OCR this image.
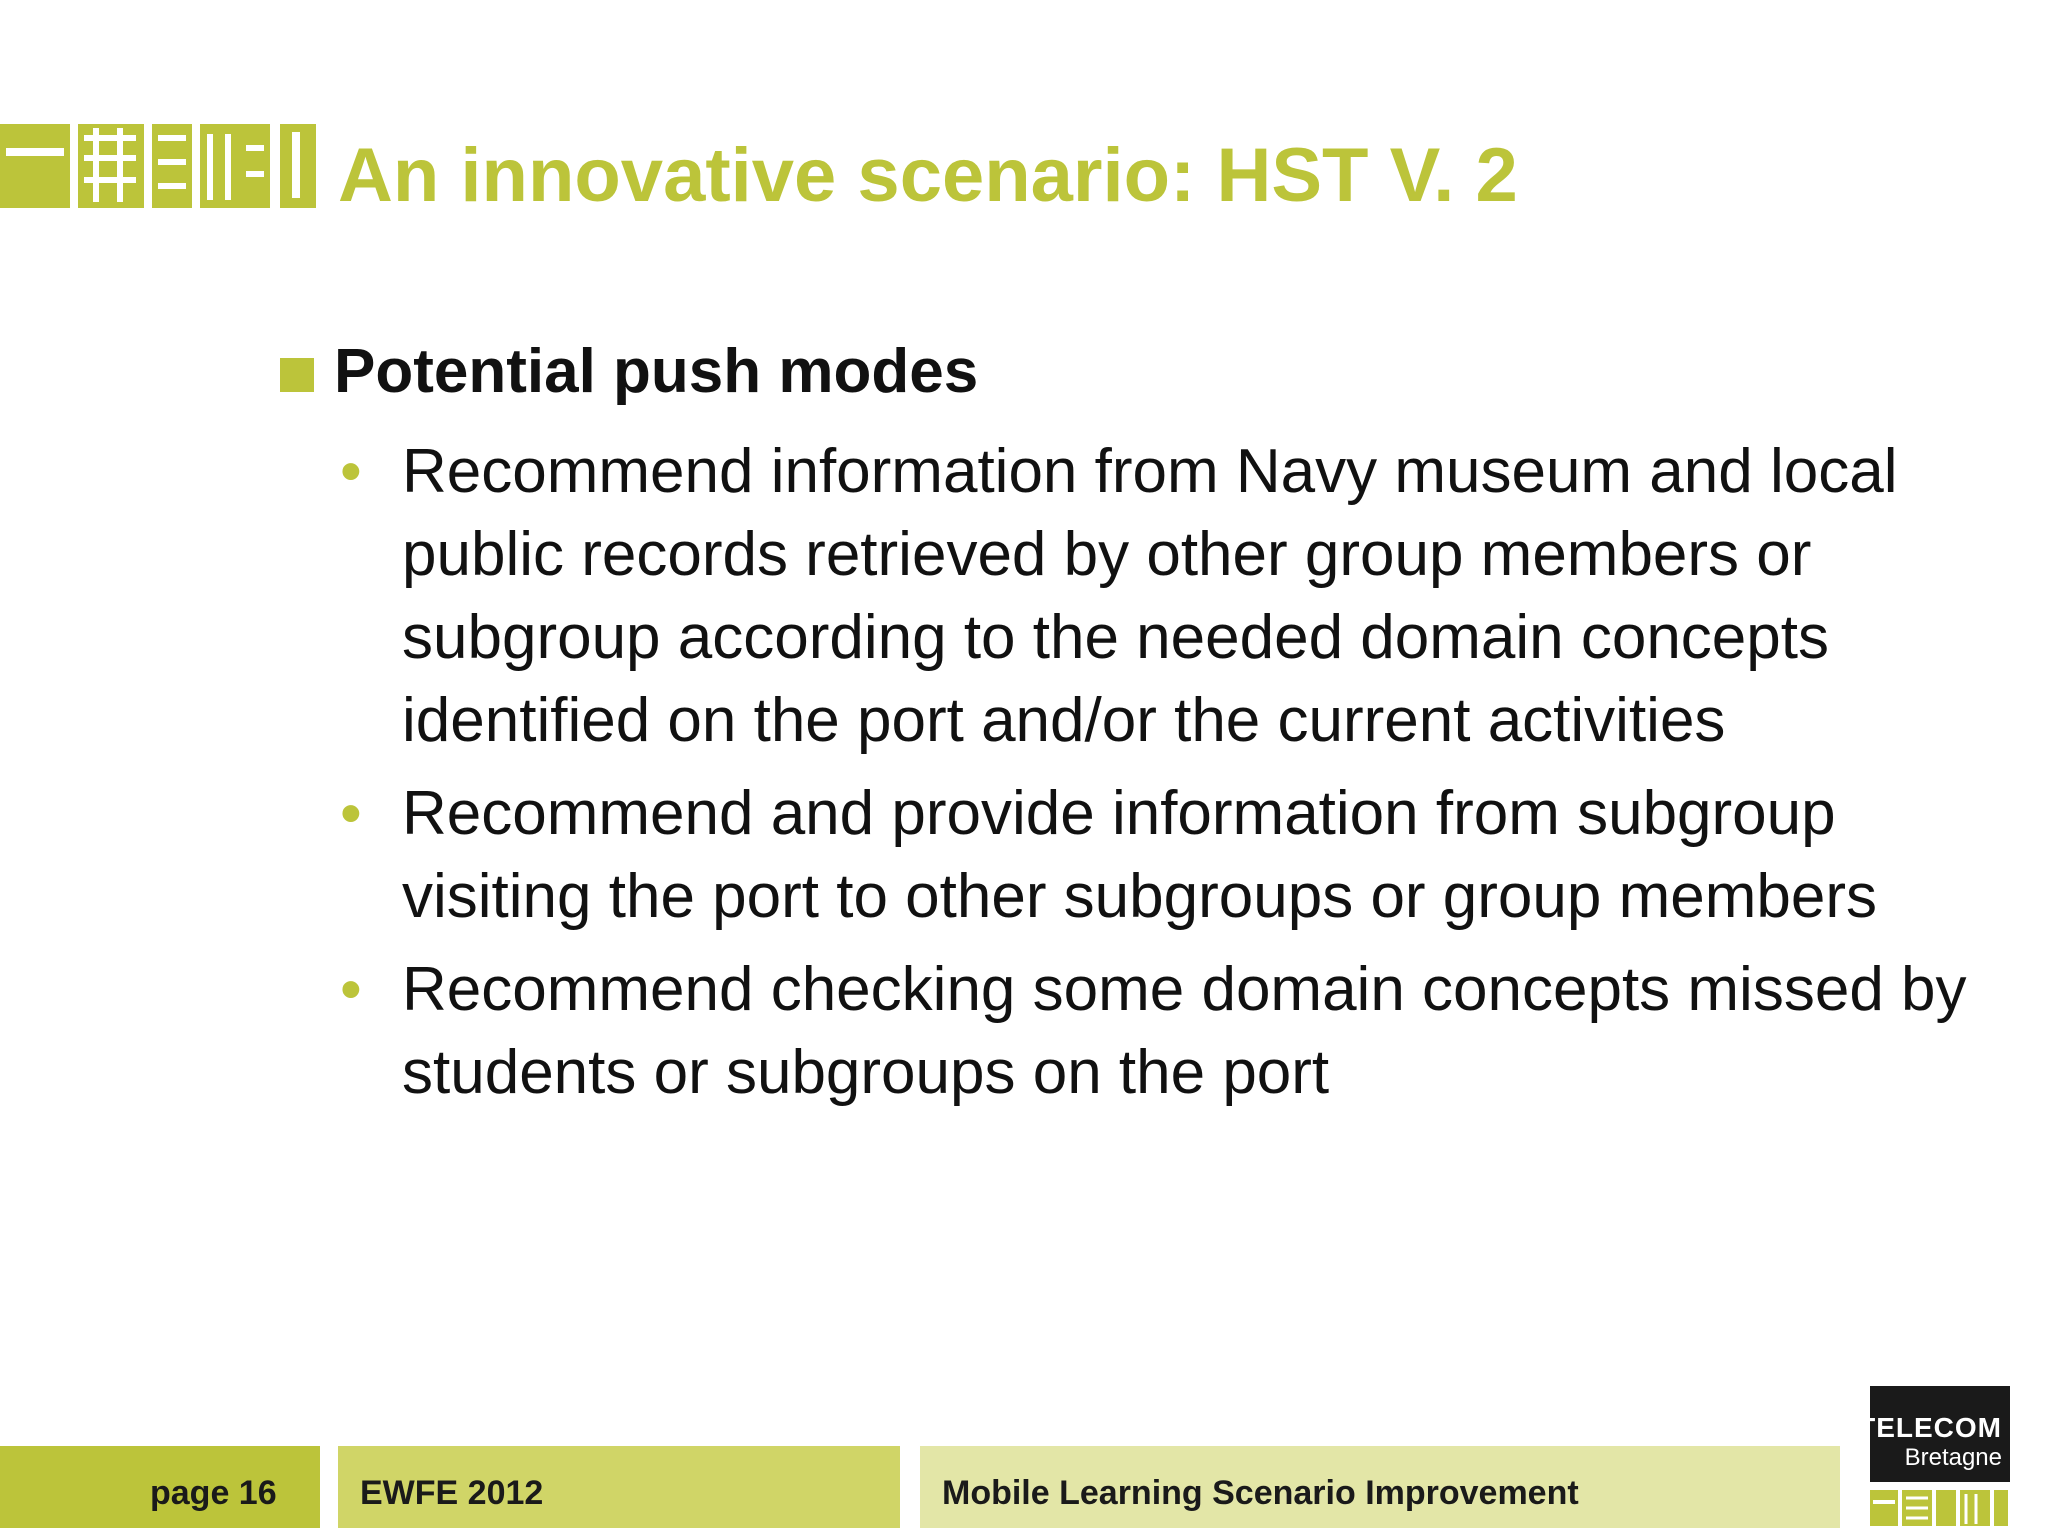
An innovative scenario: HST V. 2
Potential push modes
• Recommend information from Navy museum and local public records retrieved by other group members or subgroup according to the needed domain concepts identified on the port and/or the current activities
• Recommend and provide information from subgroup visiting the port to other subgroups or group members
• Recommend checking some domain concepts missed by students or subgroups on the port
page 16 EWFE 2012	Mobile Learning Scenario Improvement
TELECOM
Bretagne
